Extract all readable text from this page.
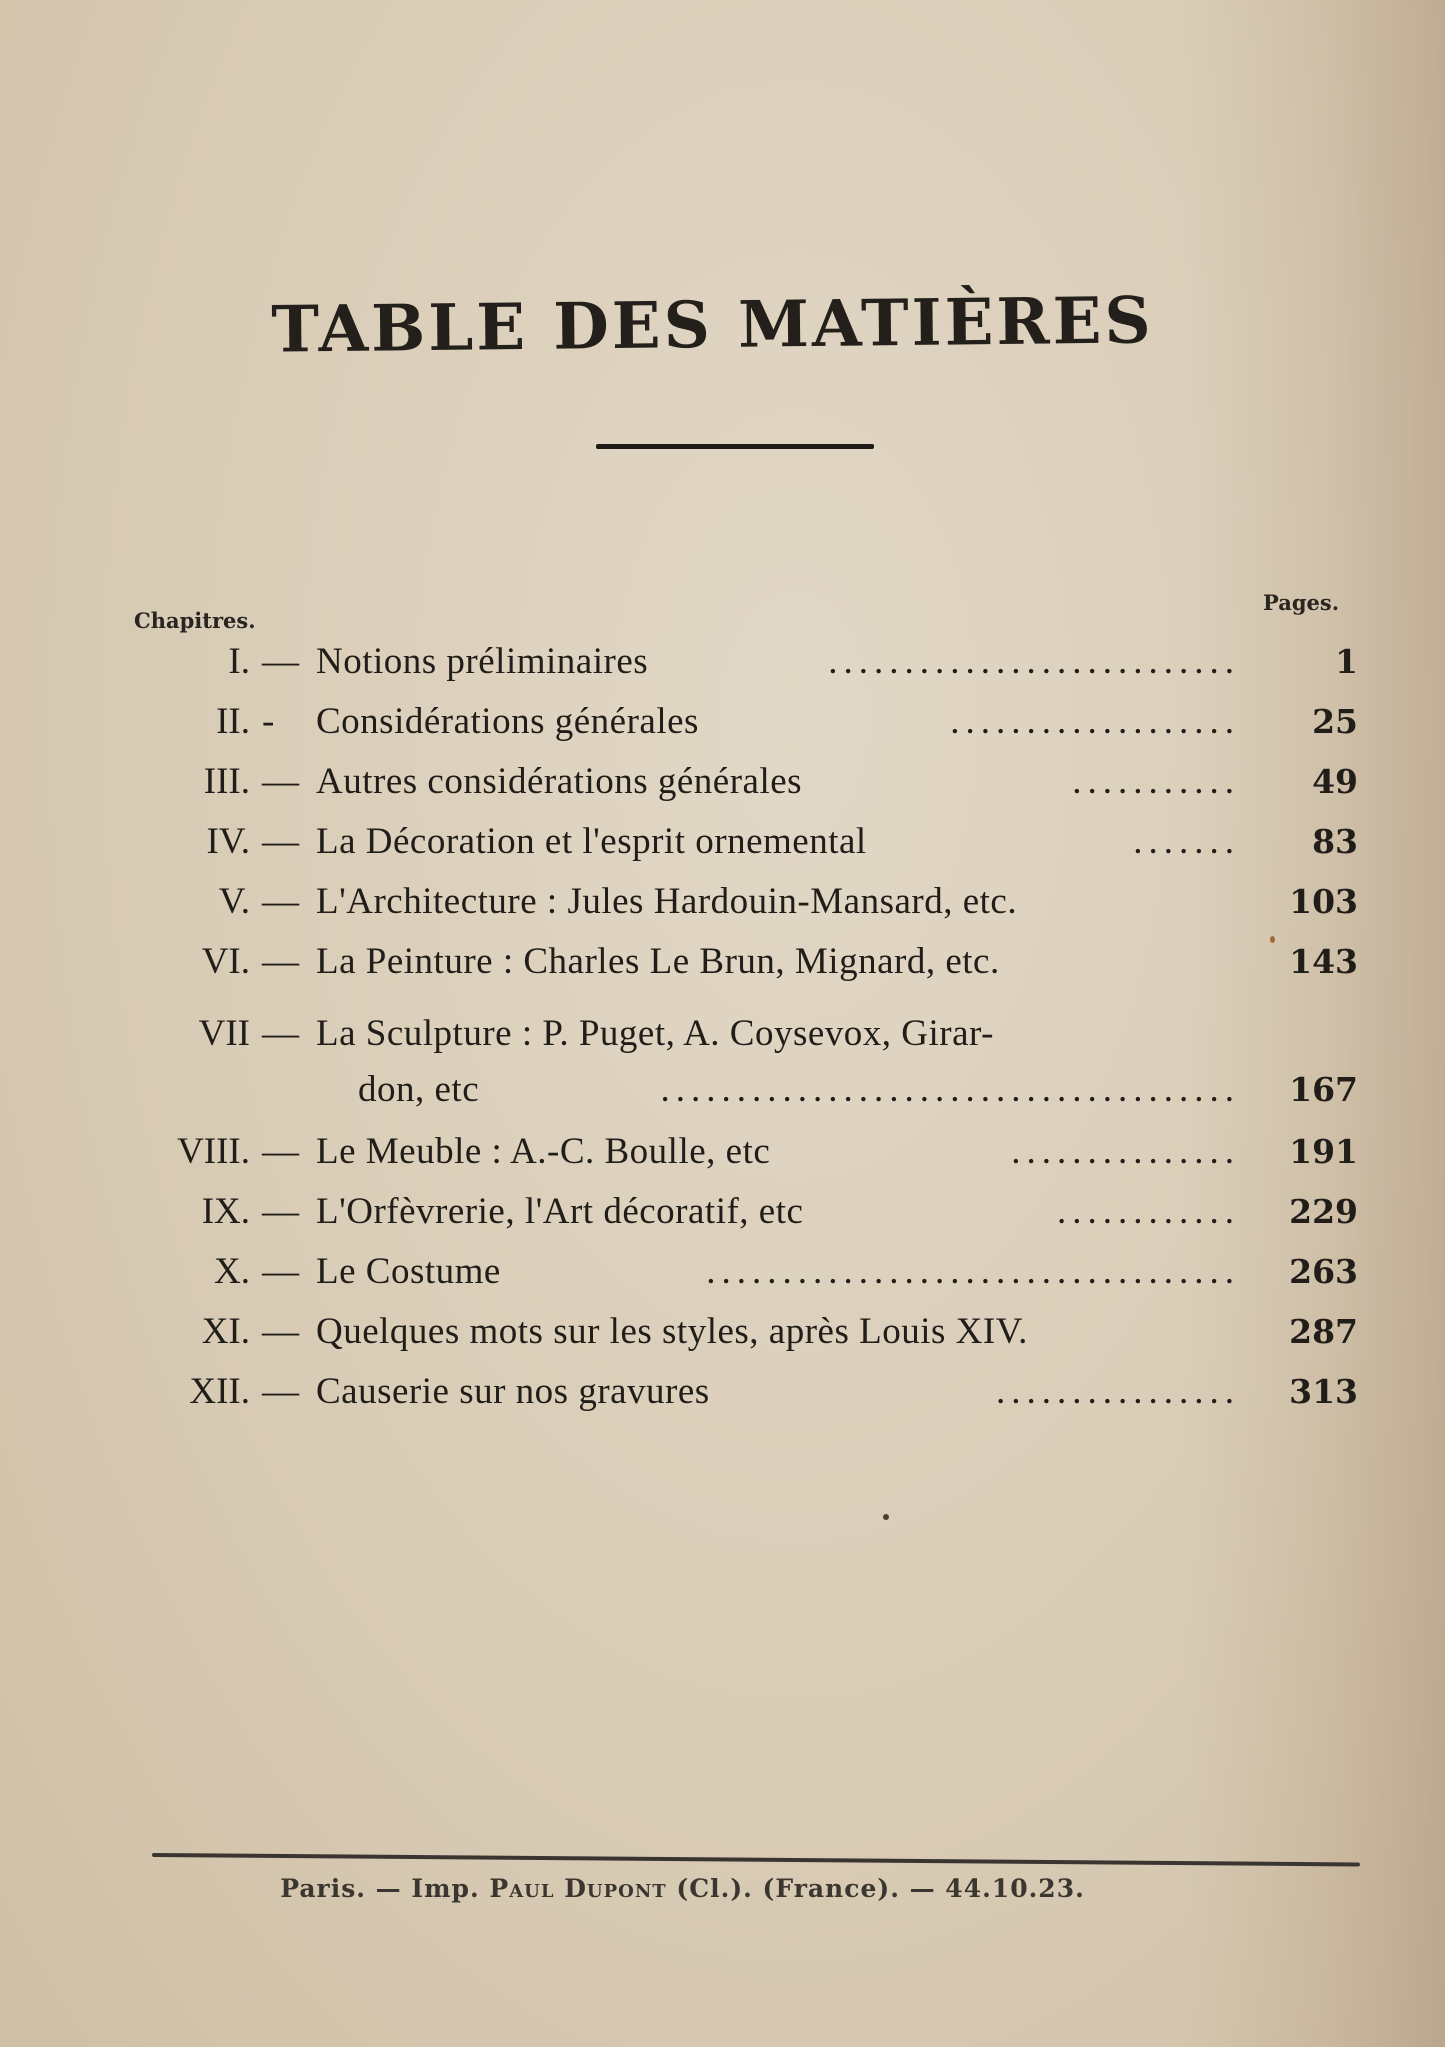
TABLE DES MATIÈRES
Chapitres.
Pages.
I. — Notions préliminaires	...........................	1
II. - Considérations générales	................... 25
III. — Autres considérations générales	........... 49
IV. — La Décoration et l'esprit ornemental	....... 83
V. — L'Architecture : Jules Hardouin-Mansard, etc.	103
VI. — La Peinture : Charles Le Brun, Mignard, etc.	143
VII — La Sculpture : P. Puget, A. Coysevox, Girar-
don, etc	...................................... 167
VIII. — Le Meuble : A.-C. Boulle, etc	............... 191
IX. — L'Orfèvrerie, l'Art décoratif, etc	............ 229
X. — Le Costume	................................... 263
XI. — Quelques mots sur les styles, après Louis XIV.	287
XII. — Causerie sur nos gravures	................ 313
Paris. — Imp. Paul Dupont (Cl.). (France). — 44.10.23.
